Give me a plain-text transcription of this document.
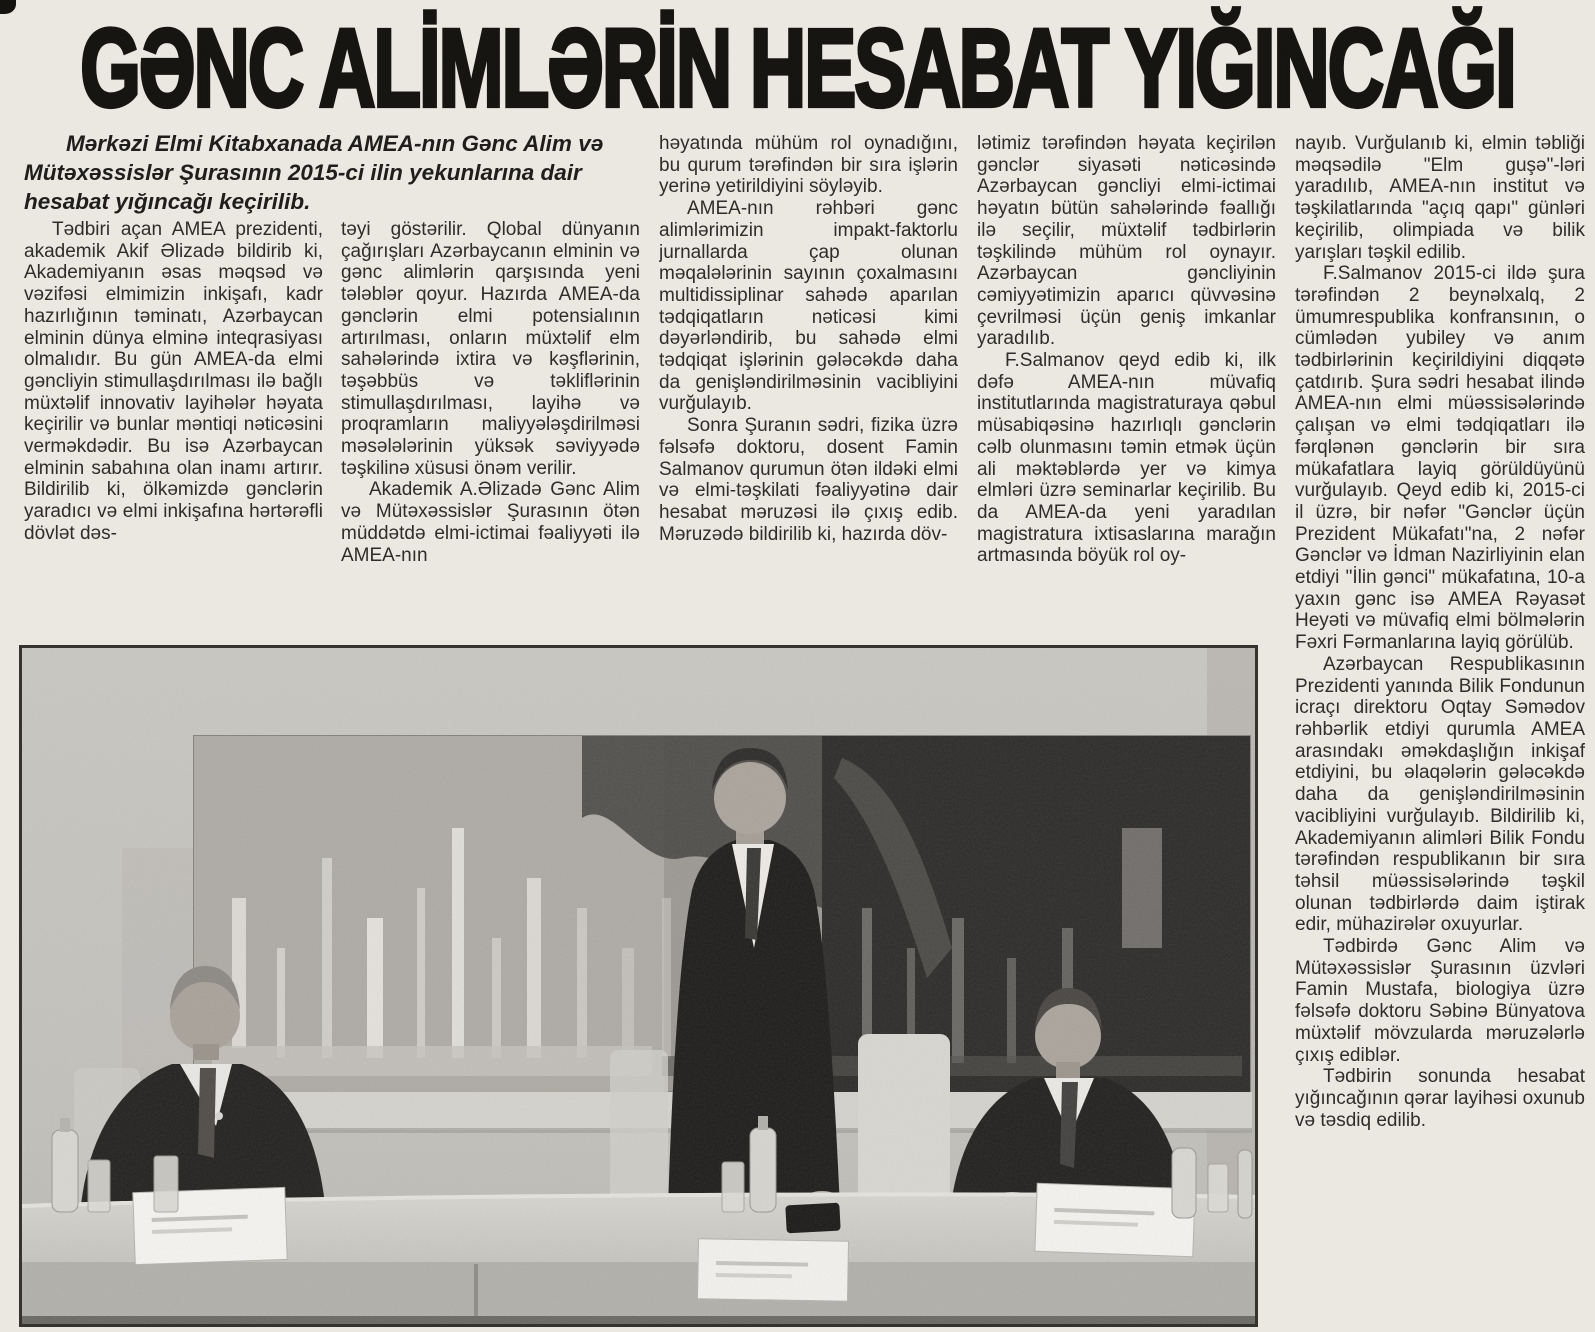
GƏNC ALİMLƏRİN HESABAT YIĞINCAĞI

Mərkəzi Elmi Kitabxanada AMEA-nın Gənc Alim və Mütəxəssislər Şurasının 2015-ci ilin yekunlarına dair hesabat yığıncağı keçirilib.

Tədbiri açan AMEA prezidenti, akademik Akif Əlizadə bildirib ki, Akademiyanın əsas məqsəd və vəzifəsi elmimizin inkişafı, kadr hazırlığının təminatı, Azərbaycan elminin dünya elminə inteqrasiyası olmalıdır. Bu gün AMEA-da elmi gəncliyin stimullaşdırılması ilə bağlı müxtəlif innovativ layihələr həyata keçirilir və bunlar məntiqi nəticəsini verməkdədir. Bu isə Azərbaycan elminin sabahına olan inamı artırır. Bildirilib ki, ölkəmizdə gənclərin yaradıcı və elmi inkişafına hərtərəfli dövlət dəs-

təyi göstərilir. Qlobal dünyanın çağırışları Azərbaycanın elminin və gənc alimlərin qarşısında yeni tələblər qoyur. Hazırda AMEA-da gənclərin elmi potensialının artırılması, onların müxtəlif elm sahələrində ixtira və kəşflərinin, təşəbbüs və təkliflərinin stimullaşdırılması, layihə və proqramların maliyyələşdirilməsi məsələlərinin yüksək səviyyədə təşkilinə xüsusi önəm verilir.

Akademik A.Əlizadə Gənc Alim və Mütəxəssislər Şurasının ötən müddətdə elmi-ictimai fəaliyyəti ilə AMEA-nın

həyatında mühüm rol oynadığını, bu qurum tərəfindən bir sıra işlərin yerinə yetirildiyini söyləyib.

AMEA-nın rəhbəri gənc alimlərimizin impakt-faktorlu jurnallarda çap olunan məqalələrinin sayının çoxalmasını multidissiplinar sahədə aparılan tədqiqatların nəticəsi kimi dəyərləndirib, bu sahədə elmi tədqiqat işlərinin gələcəkdə daha da genişləndirilməsinin vacibliyini vurğulayıb.

Sonra Şuranın sədri, fizika üzrə fəlsəfə doktoru, dosent Famin Salmanov qurumun ötən ildəki elmi və elmi-təşkilati fəaliyyətinə dair hesabat məruzəsi ilə çıxış edib. Məruzədə bildirilib ki, hazırda döv-

lətimiz tərəfindən həyata keçirilən gənclər siyasəti nəticəsində Azərbaycan gəncliyi elmi-ictimai həyatın bütün sahələrində fəallığı ilə seçilir, müxtəlif tədbirlərin təşkilində mühüm rol oynayır. Azərbaycan gəncliyinin cəmiyyətimizin aparıcı qüvvəsinə çevrilməsi üçün geniş imkanlar yaradılıb.

F.Salmanov qeyd edib ki, ilk dəfə AMEA-nın müvafiq institutlarında magistraturaya qəbul müsabiqəsinə hazırlıqlı gənclərin cəlb olunmasını təmin etmək üçün ali məktəblərdə yer və kimya elmləri üzrə seminarlar keçirilib. Bu da AMEA-da yeni yaradılan magistratura ixtisaslarına marağın artmasında böyük rol oy-

nayıb. Vurğulanıb ki, elmin təbliği məqsədilə "Elm guşə"-ləri yaradılıb, AMEA-nın institut və təşkilatlarında "açıq qapı" günləri keçirilib, olimpiada və bilik yarışları təşkil edilib.

F.Salmanov 2015-ci ildə şura tərəfindən 2 beynəlxalq, 2 ümumrespublika konfransının, o cümlədən yubiley və anım tədbirlərinin keçirildiyini diqqətə çatdırıb. Şura sədri hesabat ilində AMEA-nın elmi müəssisələrində çalışan və elmi tədqiqatları ilə fərqlənən gənclərin bir sıra mükafatlara layiq görüldüyünü vurğulayıb. Qeyd edib ki, 2015-ci il üzrə, bir nəfər "Gənclər üçün Prezident Mükafatı"na, 2 nəfər Gənclər və İdman Nazirliyinin elan etdiyi "İlin gənci" mükafatına, 10-a yaxın gənc isə AMEA Rəyasət Heyəti və müvafiq elmi bölmələrin Fəxri Fərmanlarına layiq görülüb.

Azərbaycan Respublikasının Prezidenti yanında Bilik Fondunun icraçı direktoru Oqtay Səmədov rəhbərlik etdiyi qurumla AMEA arasındakı əməkdaşlığın inkişaf etdiyini, bu əlaqələrin gələcəkdə daha da genişləndirilməsinin vacibliyini vurğulayıb. Bildirilib ki, Akademiyanın alimləri Bilik Fondu tərəfindən respublikanın bir sıra təhsil müəssisələrində təşkil olunan tədbirlərdə daim iştirak edir, mühazirələr oxuyurlar.

Tədbirdə Gənc Alim və Mütəxəssislər Şurasının üzvləri Famin Mustafa, biologiya üzrə fəlsəfə doktoru Səbinə Bünyatova müxtəlif mövzularda məruzələrlə çıxış ediblər.

Tədbirin sonunda hesabat yığıncağının qərar layihəsi oxunub və təsdiq edilib.
